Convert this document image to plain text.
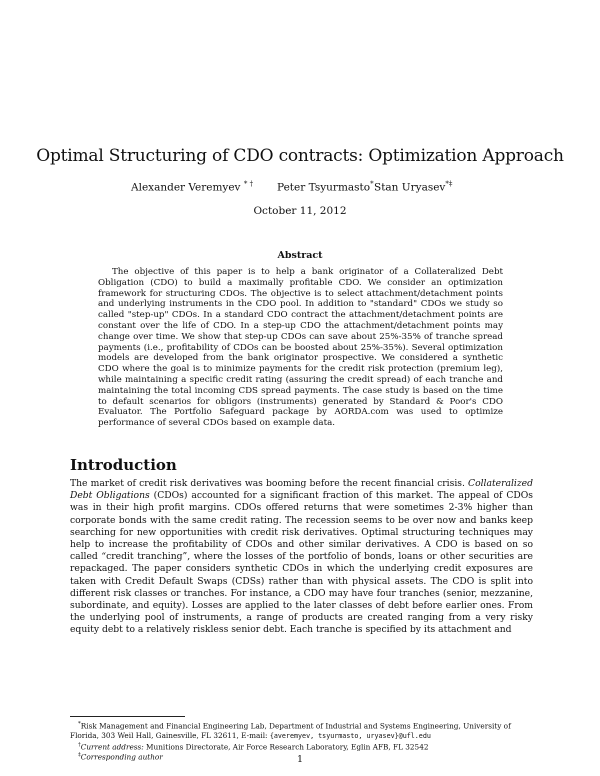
Optimal Structuring of CDO contracts: Optimization Approach
Alexander Veremyev * † Peter Tsyurmasto* Stan Uryasev*‡
October 11, 2012
Abstract

The objective of this paper is to help a bank originator of a Collateralized Debt Obligation (CDO) to build a maximally profitable CDO. We consider an optimization framework for structuring CDOs. The objective is to select attachment/detachment points and underlying instruments in the CDO pool. In addition to "standard" CDOs we study so called "step-up" CDOs. In a standard CDO contract the attachment/detachment points are constant over the life of CDO. In a step-up CDO the attachment/detachment points may change over time. We show that step-up CDOs can save about 25%-35% of tranche spread payments (i.e., profitability of CDOs can be boosted about 25%-35%). Several optimization models are developed from the bank originator prospective. We considered a synthetic CDO where the goal is to minimize payments for the credit risk protection (premium leg), while maintaining a specific credit rating (assuring the credit spread) of each tranche and maintaining the total incoming CDS spread payments. The case study is based on the time to default scenarios for obligors (instruments) generated by Standard & Poor's CDO Evaluator. The Portfolio Safeguard package by AORDA.com was used to optimize performance of several CDOs based on example data.

Introduction

The market of credit risk derivatives was booming before the recent financial crisis. Collateralized Debt Obligations (CDOs) accounted for a significant fraction of this market. The appeal of CDOs was in their high profit margins. CDOs offered returns that were sometimes 2-3% higher than corporate bonds with the same credit rating. The recession seems to be over now and banks keep searching for new opportunities with credit risk derivatives. Optimal structuring techniques may help to increase the profitability of CDOs and other similar derivatives. A CDO is based on so called “credit tranching”, where the losses of the portfolio of bonds, loans or other securities are repackaged. The paper considers synthetic CDOs in which the underlying credit exposures are taken with Credit Default Swaps (CDSs) rather than with physical assets. The CDO is split into different risk classes or tranches. For instance, a CDO may have four tranches (senior, mezzanine, subordinate, and equity). Losses are applied to the later classes of debt before earlier ones. From the underlying pool of instruments, a range of products are created ranging from a very risky equity debt to a relatively riskless senior debt. Each tranche is specified by its attachment and

*Risk Management and Financial Engineering Lab, Department of Industrial and Systems Engineering, University of Florida, 303 Weil Hall, Gainesville, FL 32611, E-mail: {averemyev, tsyurmasto, uryasev}@ufl.edu

†Current address: Munitions Directorate, Air Force Research Laboratory, Eglin AFB, FL 32542

‡Corresponding author	1
